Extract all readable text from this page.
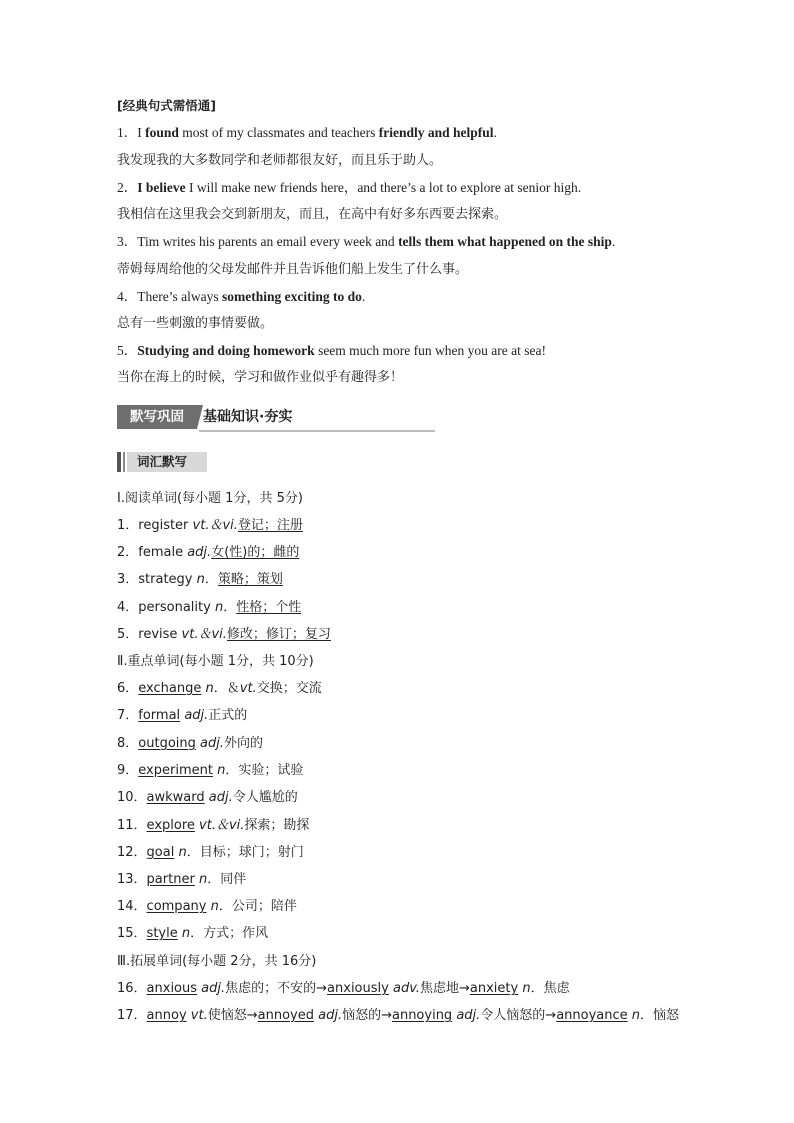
[经典句式需悟通]
1．I found most of my classmates and teachers friendly and helpful.
我发现我的大多数同学和老师都很友好，而且乐于助人。
2．I believe I will make new friends here，and there’s a lot to explore at senior high.
我相信在这里我会交到新朋友，而且，在高中有好多东西要去探索。
3．Tim writes his parents an email every week and tells them what happened on the ship.
蒂姆每周给他的父母发邮件并且告诉他们船上发生了什么事。
4．There’s always something exciting to do.
总有一些刺激的事情要做。
5．Studying and doing homework seem much more fun when you are at sea!
当你在海上的时候，学习和做作业似乎有趣得多！
默写巩固	基础知识·夯实
词汇默写
Ⅰ.阅读单词(每小题 1分，共 5分)
1．register vt.＆vi.登记；注册
2．female adj.女(性)的；雌的
3．strategy n．策略；策划
4．personality n．性格；个性
5．revise vt.＆vi.修改；修订；复习
Ⅱ.重点单词(每小题 1分，共 10分)
6．exchange n．＆vt.交换；交流
7．formal adj.正式的
8．outgoing adj.外向的
9．experiment n．实验；试验
10．awkward adj.令人尴尬的
11．explore vt.＆vi.探索；勘探
12．goal n．目标；球门；射门
13．partner n．同伴
14．company n．公司；陪伴
15．style n．方式；作风
Ⅲ.拓展单词(每小题 2分，共 16分)
16．anxious adj.焦虑的；不安的→anxiously adv.焦虑地→anxiety n．焦虑
17．annoy vt.使恼怒→annoyed adj.恼怒的→annoying adj.令人恼怒的→annoyance n．恼怒
